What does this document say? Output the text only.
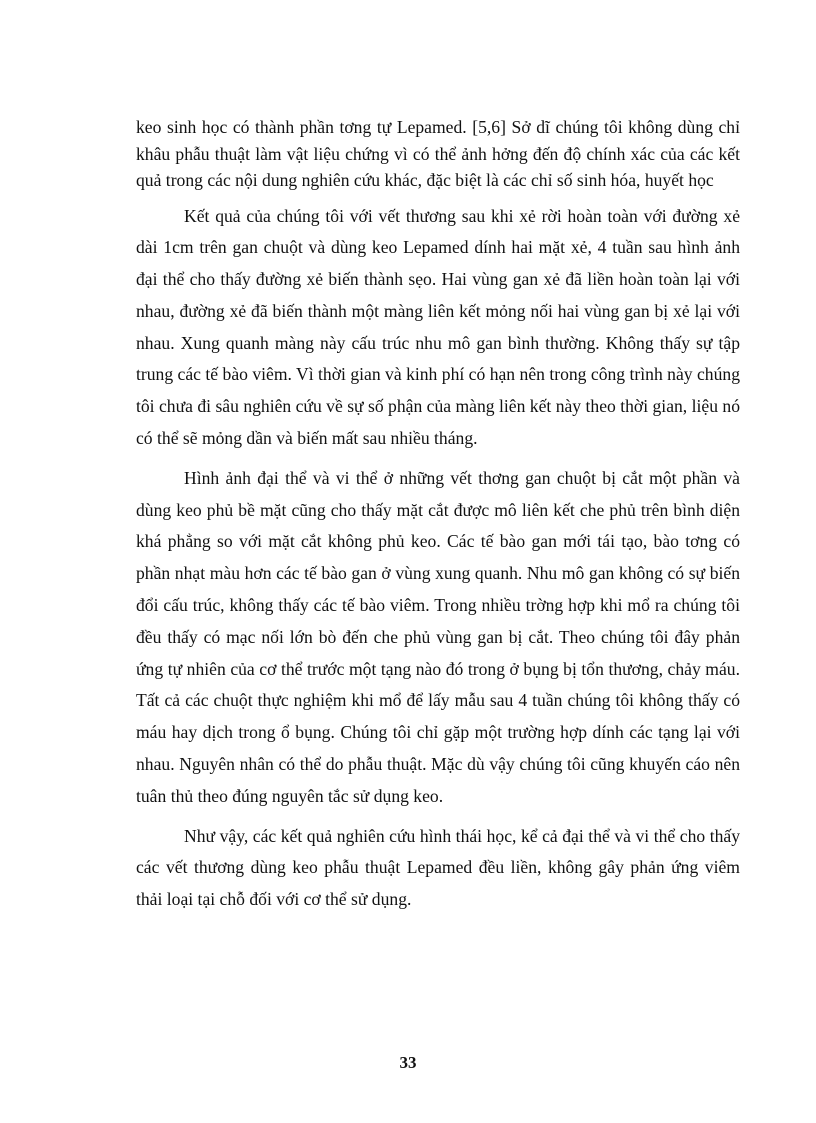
keo sinh học có thành phần tơng tự Lepamed. [5,6] Sở dĩ chúng tôi không dùng chỉ khâu phẫu thuật làm vật liệu chứng vì có thể ảnh hởng đến độ chính xác của các kết quả trong các nội dung nghiên cứu khác, đặc biệt là các chỉ số sinh hóa, huyết học

Kết quả của chúng tôi với vết thương sau khi xẻ rời hoàn toàn với đường xẻ dài 1cm trên gan chuột và dùng keo Lepamed dính hai mặt xẻ, 4 tuần sau hình ảnh đại thể cho thấy đường xẻ biến thành sẹo. Hai vùng gan xẻ đã liền hoàn toàn lại với nhau, đường xẻ đã biến thành một màng liên kết mỏng nối hai vùng gan bị xẻ lại với nhau. Xung quanh màng này cấu trúc nhu mô gan bình thường. Không thấy sự tập trung các tế bào viêm. Vì thời gian và kinh phí có hạn nên trong công trình này chúng tôi chưa đi sâu nghiên cứu về sự số phận của màng liên kết này theo thời gian, liệu nó có thể sẽ mỏng dần và biến mất sau nhiều tháng.

Hình ảnh đại thể và vi thể ở những vết thơng gan chuột bị cắt một phần và dùng keo phủ bề mặt cũng cho thấy mặt cắt được mô liên kết che phủ trên bình diện khá phẳng so với mặt cắt không phủ keo. Các tế bào gan mới tái tạo, bào tơng có phần nhạt màu hơn các tế bào gan ở vùng xung quanh. Nhu mô gan không có sự biến đổi cấu trúc, không thấy các tế bào viêm. Trong nhiều trờng hợp khi mổ ra chúng tôi đều thấy có mạc nối lớn bò đến che phủ vùng gan bị cắt. Theo chúng tôi đây phản ứng tự nhiên của cơ thể trước một tạng nào đó trong ở bụng bị tổn thương, chảy máu. Tất cả các chuột thực nghiệm khi mổ để lấy mẫu sau 4 tuần chúng tôi không thấy có máu hay dịch trong ổ bụng. Chúng tôi chỉ gặp một trường hợp dính các tạng lại với nhau. Nguyên nhân có thể do phẫu thuật. Mặc dù vậy chúng tôi cũng khuyến cáo nên tuân thủ theo đúng nguyên tắc sử dụng keo.

Như vậy, các kết quả nghiên cứu hình thái học, kể cả đại thể và vi thể cho thấy các vết thương dùng keo phẫu thuật Lepamed đều liền, không gây phản ứng viêm thải loại tại chỗ đối với cơ thể sử dụng.

33
